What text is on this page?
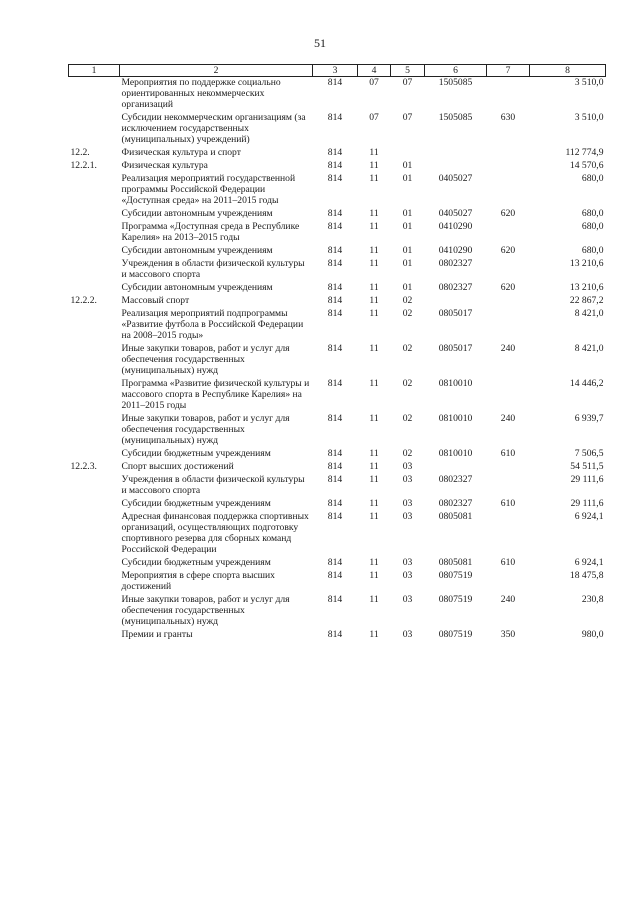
51
1	2	3	4	5	6	7	8
	Мероприятия по поддержке социально ориентированных некоммерческих организаций	814	07	07	1505085		3 510,0
	Субсидии некоммерческим организациям (за исключением государственных (муниципальных) учреждений)	814	07	07	1505085	630	3 510,0
12.2.	Физическая культура и спорт	814	11				112 774,9
12.2.1.	Физическая культура	814	11	01			14 570,6
	Реализация мероприятий государственной программы Российской Федерации «Доступная среда» на 2011–2015 годы	814	11	01	0405027		680,0
	Субсидии автономным учреждениям	814	11	01	0405027	620	680,0
	Программа «Доступная среда в Республике Карелия» на 2013–2015 годы	814	11	01	0410290		680,0
	Субсидии автономным учреждениям	814	11	01	0410290	620	680,0
	Учреждения в области физической культуры и массового спорта	814	11	01	0802327		13 210,6
	Субсидии автономным учреждениям	814	11	01	0802327	620	13 210,6
12.2.2.	Массовый спорт	814	11	02			22 867,2
	Реализация мероприятий подпрограммы «Развитие футбола в Российской Федерации на 2008–2015 годы»	814	11	02	0805017		8 421,0
	Иные закупки товаров, работ и услуг для обеспечения государственных (муниципальных) нужд	814	11	02	0805017	240	8 421,0
	Программа «Развитие физической культуры и массового спорта в Республике Карелия» на 2011–2015 годы	814	11	02	0810010		14 446,2
	Иные закупки товаров, работ и услуг для обеспечения государственных (муниципальных) нужд	814	11	02	0810010	240	6 939,7
	Субсидии бюджетным учреждениям	814	11	02	0810010	610	7 506,5
12.2.3.	Спорт высших достижений	814	11	03			54 511,5
	Учреждения в области физической культуры и массового спорта	814	11	03	0802327		29 111,6
	Субсидии бюджетным учреждениям	814	11	03	0802327	610	29 111,6
	Адресная финансовая поддержка спортивных организаций, осуществляющих подготовку спортивного резерва для сборных команд Российской Федерации	814	11	03	0805081		6 924,1
	Субсидии бюджетным учреждениям	814	11	03	0805081	610	6 924,1
	Мероприятия в сфере спорта высших достижений	814	11	03	0807519		18 475,8
	Иные закупки товаров, работ и услуг для обеспечения государственных (муниципальных) нужд	814	11	03	0807519	240	230,8
	Премии и гранты	814	11	03	0807519	350	980,0
